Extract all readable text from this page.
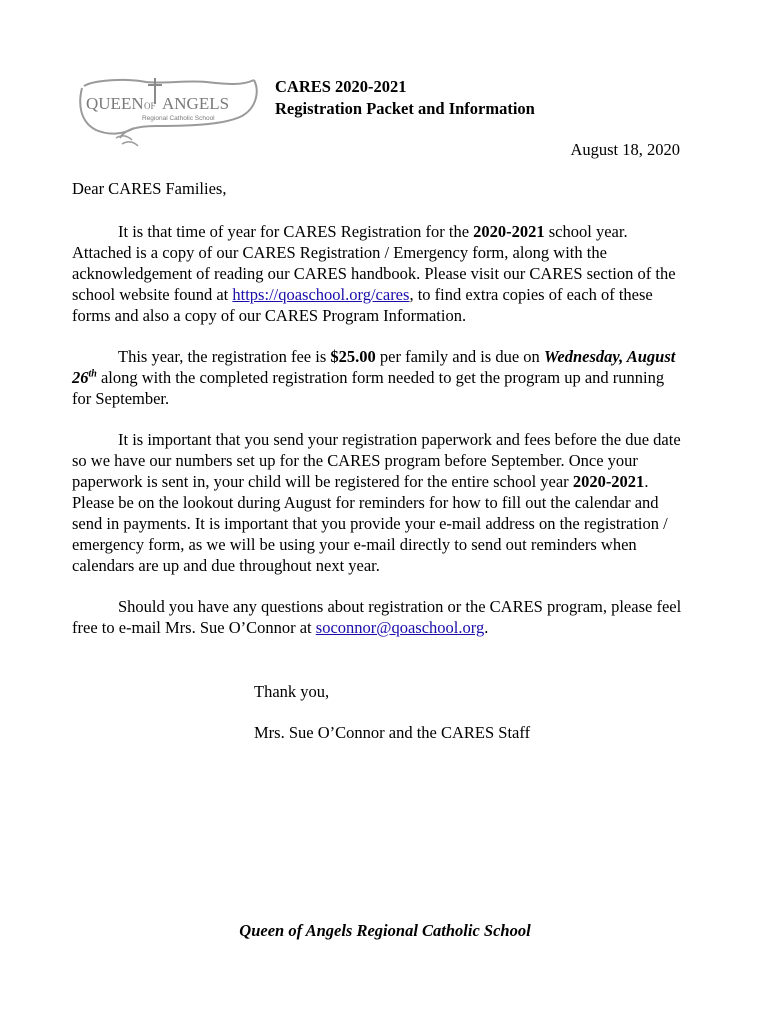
QUEEN OF ANGELS
Regional Catholic School
CARES 2020-2021
Registration Packet and Information
August 18, 2020
Dear CARES Families,

It is that time of year for CARES Registration for the 2020-2021 school year. Attached is a copy of our CARES Registration / Emergency form, along with the acknowledgement of reading our CARES handbook. Please visit our CARES section of the school website found at https://qoaschool.org/cares, to find extra copies of each of these forms and also a copy of our CARES Program Information.

This year, the registration fee is $25.00 per family and is due on Wednesday, August 26th along with the completed registration form needed to get the program up and running for September.

It is important that you send your registration paperwork and fees before the due date so we have our numbers set up for the CARES program before September. Once your paperwork is sent in, your child will be registered for the entire school year 2020-2021. Please be on the lookout during August for reminders for how to fill out the calendar and send in payments. It is important that you provide your e-mail address on the registration / emergency form, as we will be using your e-mail directly to send out reminders when calendars are up and due throughout next year.

Should you have any questions about registration or the CARES program, please feel free to e-mail Mrs. Sue O’Connor at soconnor@qoaschool.org.

Thank you,
Mrs. Sue O’Connor and the CARES Staff
Queen of Angels Regional Catholic School
